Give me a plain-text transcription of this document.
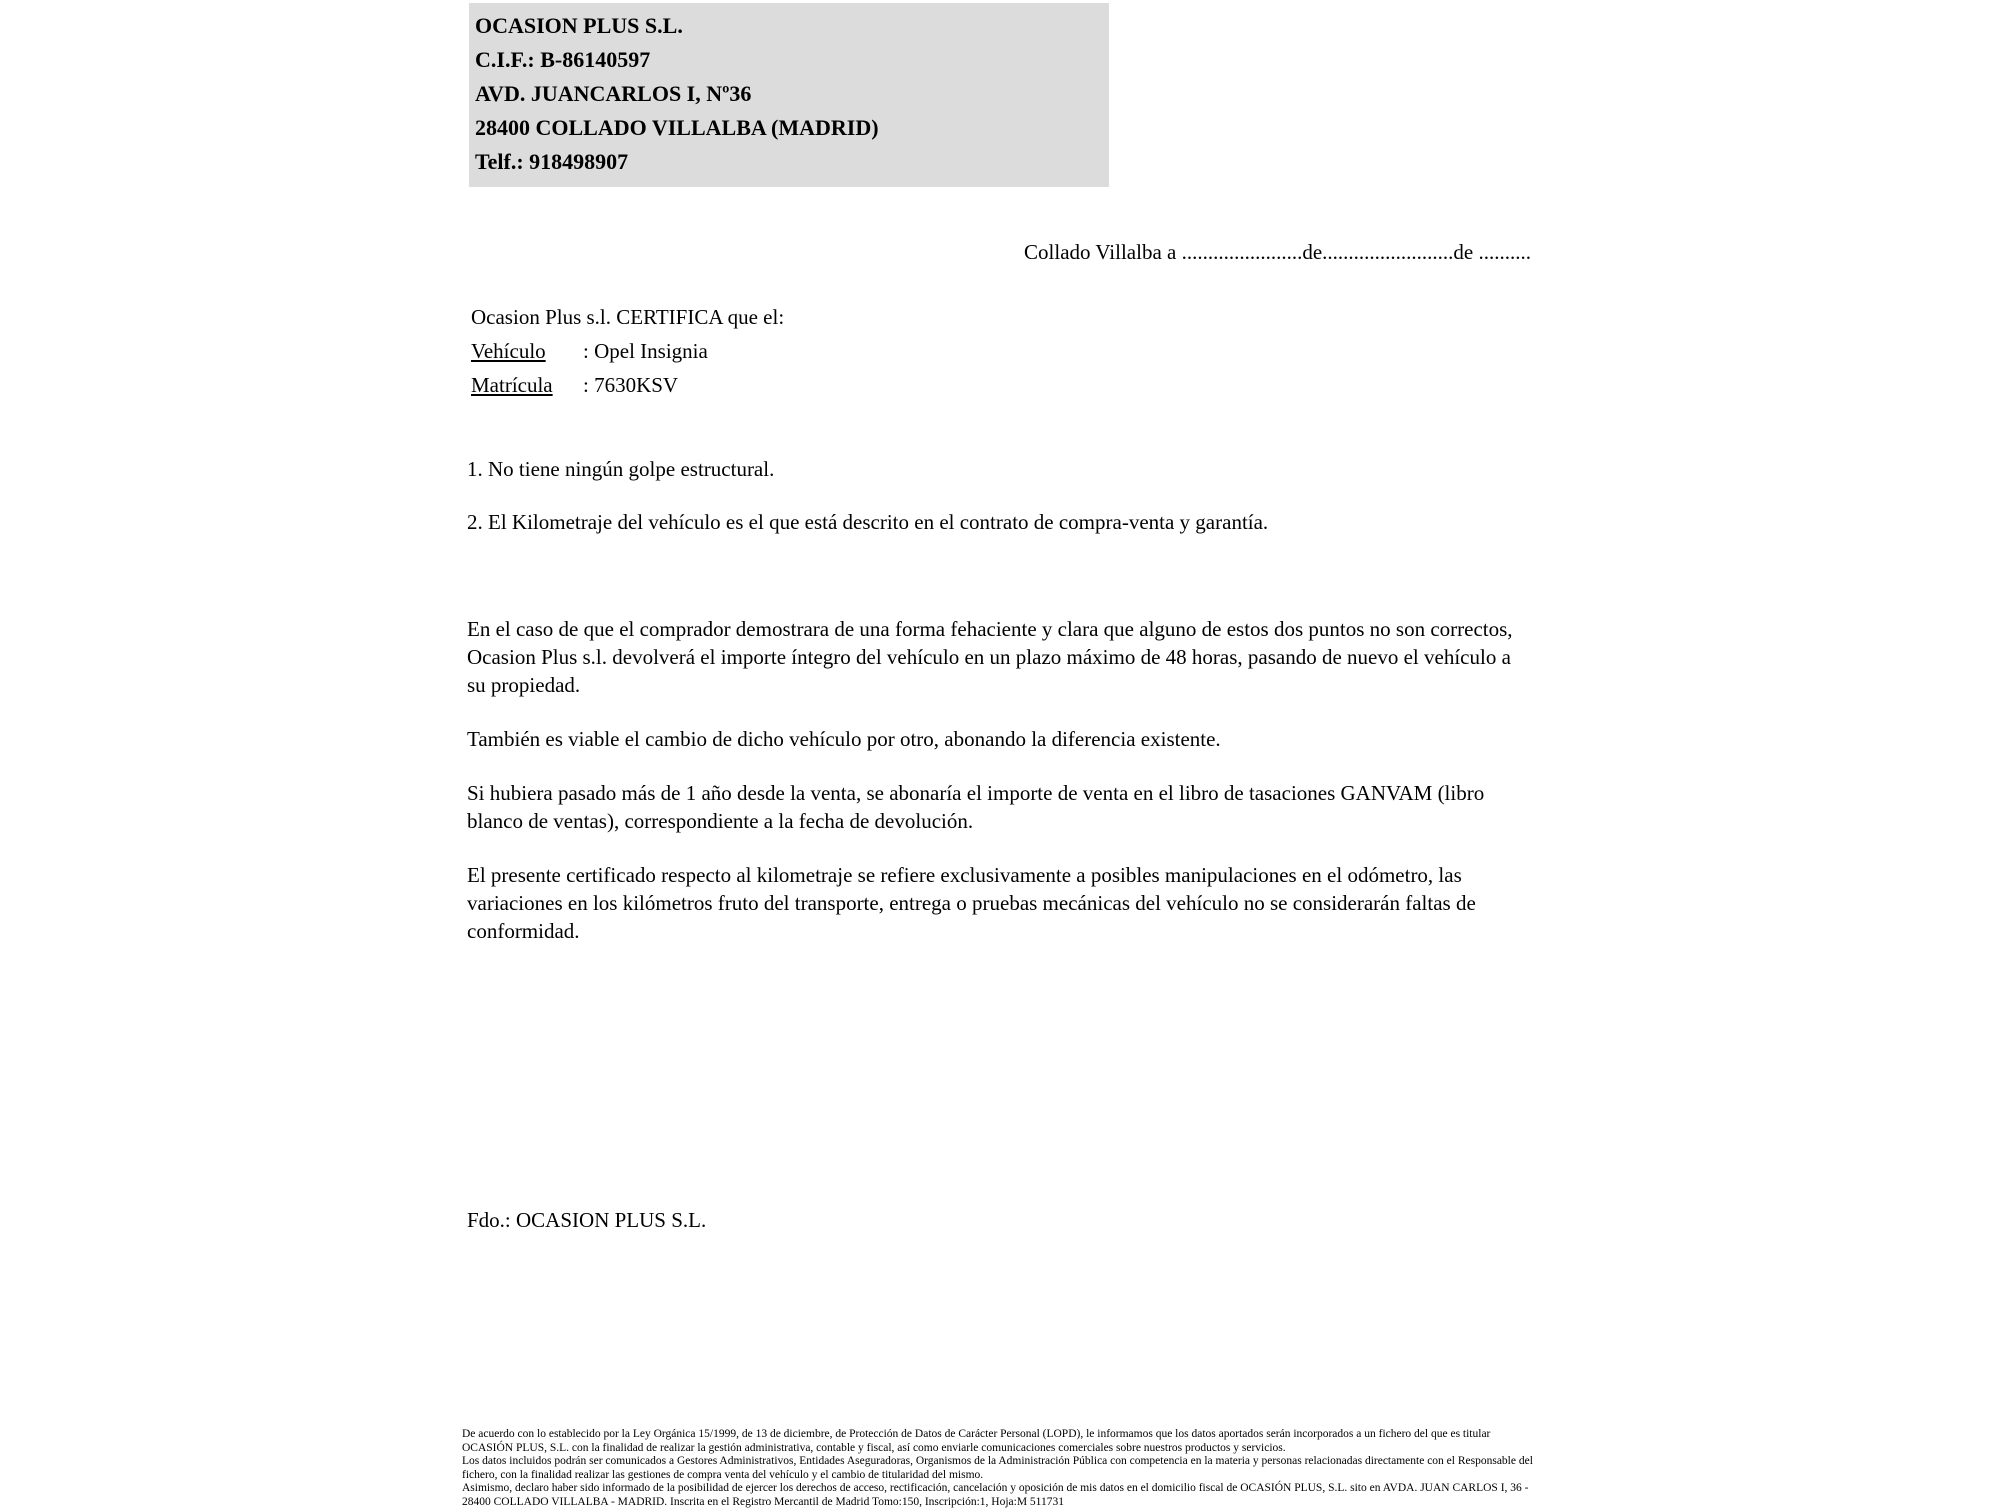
OCASION PLUS S.L.
C.I.F.: B-86140597
AVD. JUANCARLOS I, Nº36
28400 COLLADO VILLALBA (MADRID)
Telf.: 918498907
Collado Villalba a .......................de.........................de ..........
Ocasion Plus s.l. CERTIFICA que el:
Vehículo : Opel Insignia
Matrícula : 7630KSV
1. No tiene ningún golpe estructural.
2. El Kilometraje del vehículo es el que está descrito en el contrato de compra-venta y garantía.

En el caso de que el comprador demostrara de una forma fehaciente y clara que alguno de estos dos puntos no son correctos, Ocasion Plus s.l. devolverá el importe íntegro del vehículo en un plazo máximo de 48 horas, pasando de nuevo el vehículo a su propiedad.

También es viable el cambio de dicho vehículo por otro, abonando la diferencia existente.

Si hubiera pasado más de 1 año desde la venta, se abonaría el importe de venta en el libro de tasaciones GANVAM (libro blanco de ventas), correspondiente a la fecha de devolución.

El presente certificado respecto al kilometraje se refiere exclusivamente a posibles manipulaciones en el odómetro, las variaciones en los kilómetros fruto del transporte, entrega o pruebas mecánicas del vehículo no se considerarán faltas de conformidad.

Fdo.: OCASION PLUS S.L.

De acuerdo con lo establecido por la Ley Orgánica 15/1999, de 13 de diciembre, de Protección de Datos de Carácter Personal (LOPD), le informamos que los datos aportados serán incorporados a un fichero del que es titular OCASIÓN PLUS, S.L. con la finalidad de realizar la gestión administrativa, contable y fiscal, así como enviarle comunicaciones comerciales sobre nuestros productos y servicios.

Los datos incluidos podrán ser comunicados a Gestores Administrativos, Entidades Aseguradoras, Organismos de la Administración Pública con competencia en la materia y personas relacionadas directamente con el Responsable del fichero, con la finalidad realizar las gestiones de compra venta del vehículo y el cambio de titularidad del mismo.

Asimismo, declaro haber sido informado de la posibilidad de ejercer los derechos de acceso, rectificación, cancelación y oposición de mis datos en el domicilio fiscal de OCASIÓN PLUS, S.L. sito en AVDA. JUAN CARLOS I, 36 - 28400 COLLADO VILLALBA - MADRID. Inscrita en el Registro Mercantil de Madrid Tomo:150, Inscripción:1, Hoja:M 511731
